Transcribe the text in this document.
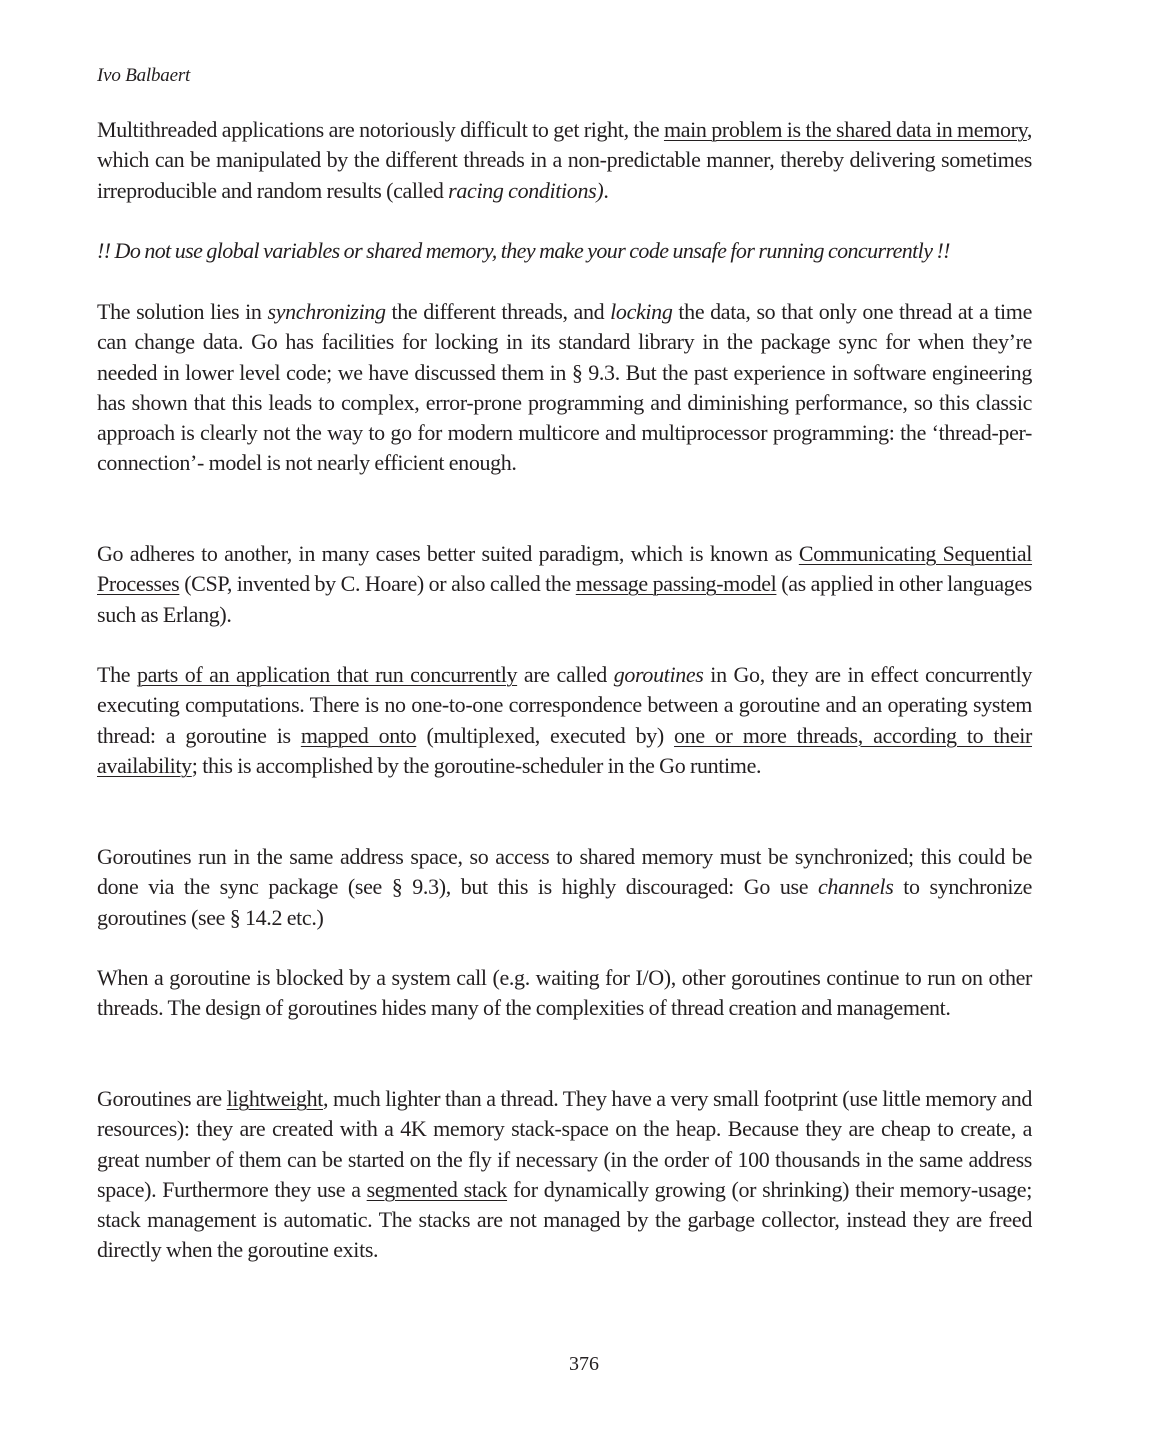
Ivo Balbaert

Multithreaded applications are notoriously difficult to get right, the main problem is the shared data in memory, which can be manipulated by the different threads in a non-predictable manner, thereby delivering sometimes irreproducible and random results (called racing conditions).

!! Do not use global variables or shared memory, they make your code unsafe for running concurrently !!

The solution lies in synchronizing the different threads, and locking the data, so that only one thread at a time can change data. Go has facilities for locking in its standard library in the package sync for when they’re needed in lower level code; we have discussed them in § 9.3. But the past experience in software engineering has shown that this leads to complex, error-prone programming and diminishing performance, so this classic approach is clearly not the way to go for modern multicore and multiprocessor programming: the ‘thread-per-connection’- model is not nearly efficient enough.

Go adheres to another, in many cases better suited paradigm, which is known as Communicating Sequential Processes (CSP, invented by C. Hoare) or also called the message passing-model (as applied in other languages such as Erlang).

The parts of an application that run concurrently are called goroutines in Go, they are in effect concurrently executing computations. There is no one-to-one correspondence between a goroutine and an operating system thread: a goroutine is mapped onto (multiplexed, executed by) one or more threads, according to their availability; this is accomplished by the goroutine-scheduler in the Go runtime.

Goroutines run in the same address space, so access to shared memory must be synchronized; this could be done via the sync package (see § 9.3), but this is highly discouraged: Go use channels to synchronize goroutines (see § 14.2 etc.)

When a goroutine is blocked by a system call (e.g. waiting for I/O), other goroutines continue to run on other threads. The design of goroutines hides many of the complexities of thread creation and management.

Goroutines are lightweight, much lighter than a thread. They have a very small footprint (use little memory and resources): they are created with a 4K memory stack-space on the heap. Because they are cheap to create, a great number of them can be started on the fly if necessary (in the order of 100 thousands in the same address space). Furthermore they use a segmented stack for dynamically growing (or shrinking) their memory-usage; stack management is automatic. The stacks are not managed by the garbage collector, instead they are freed directly when the goroutine exits.

376
